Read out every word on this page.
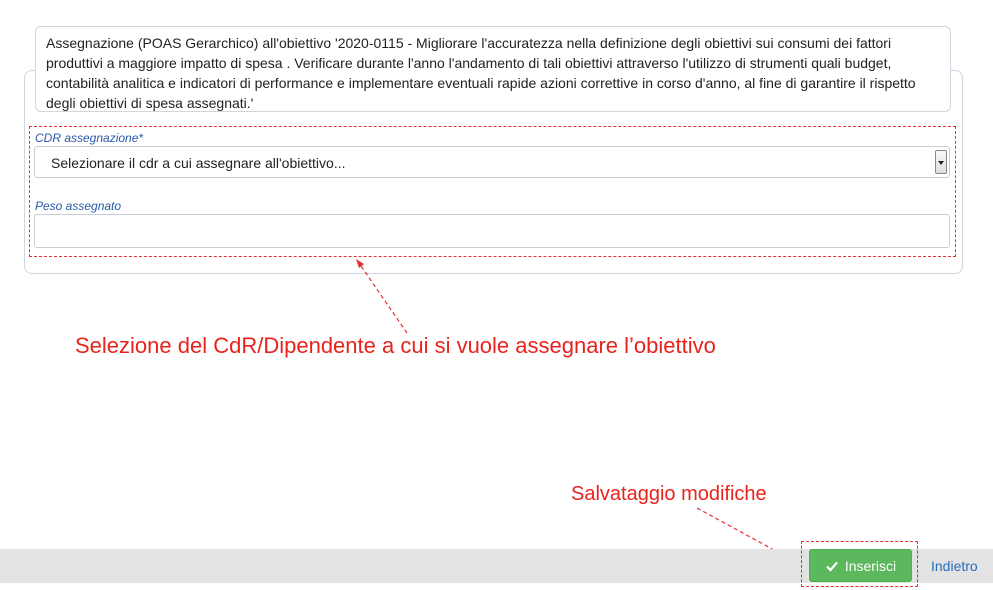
Assegnazione (POAS Gerarchico) all'obiettivo '2020-0115 - Migliorare l'accuratezza nella definizione degli obiettivi sui consumi dei fattori produttivi a maggiore impatto di spesa . Verificare durante l'anno l'andamento di tali obiettivi attraverso l'utilizzo di strumenti quali budget, contabilità analitica e indicatori di performance e implementare eventuali rapide azioni correttive in corso d'anno, al fine di garantire il rispetto degli obiettivi di spesa assegnati.'
CDR assegnazione*
Selezionare il cdr a cui assegnare all'obiettivo...
Peso assegnato
Selezione del CdR/Dipendente a cui si vuole assegnare l’obiettivo
Salvataggio modifiche
Inserisci Indietro
